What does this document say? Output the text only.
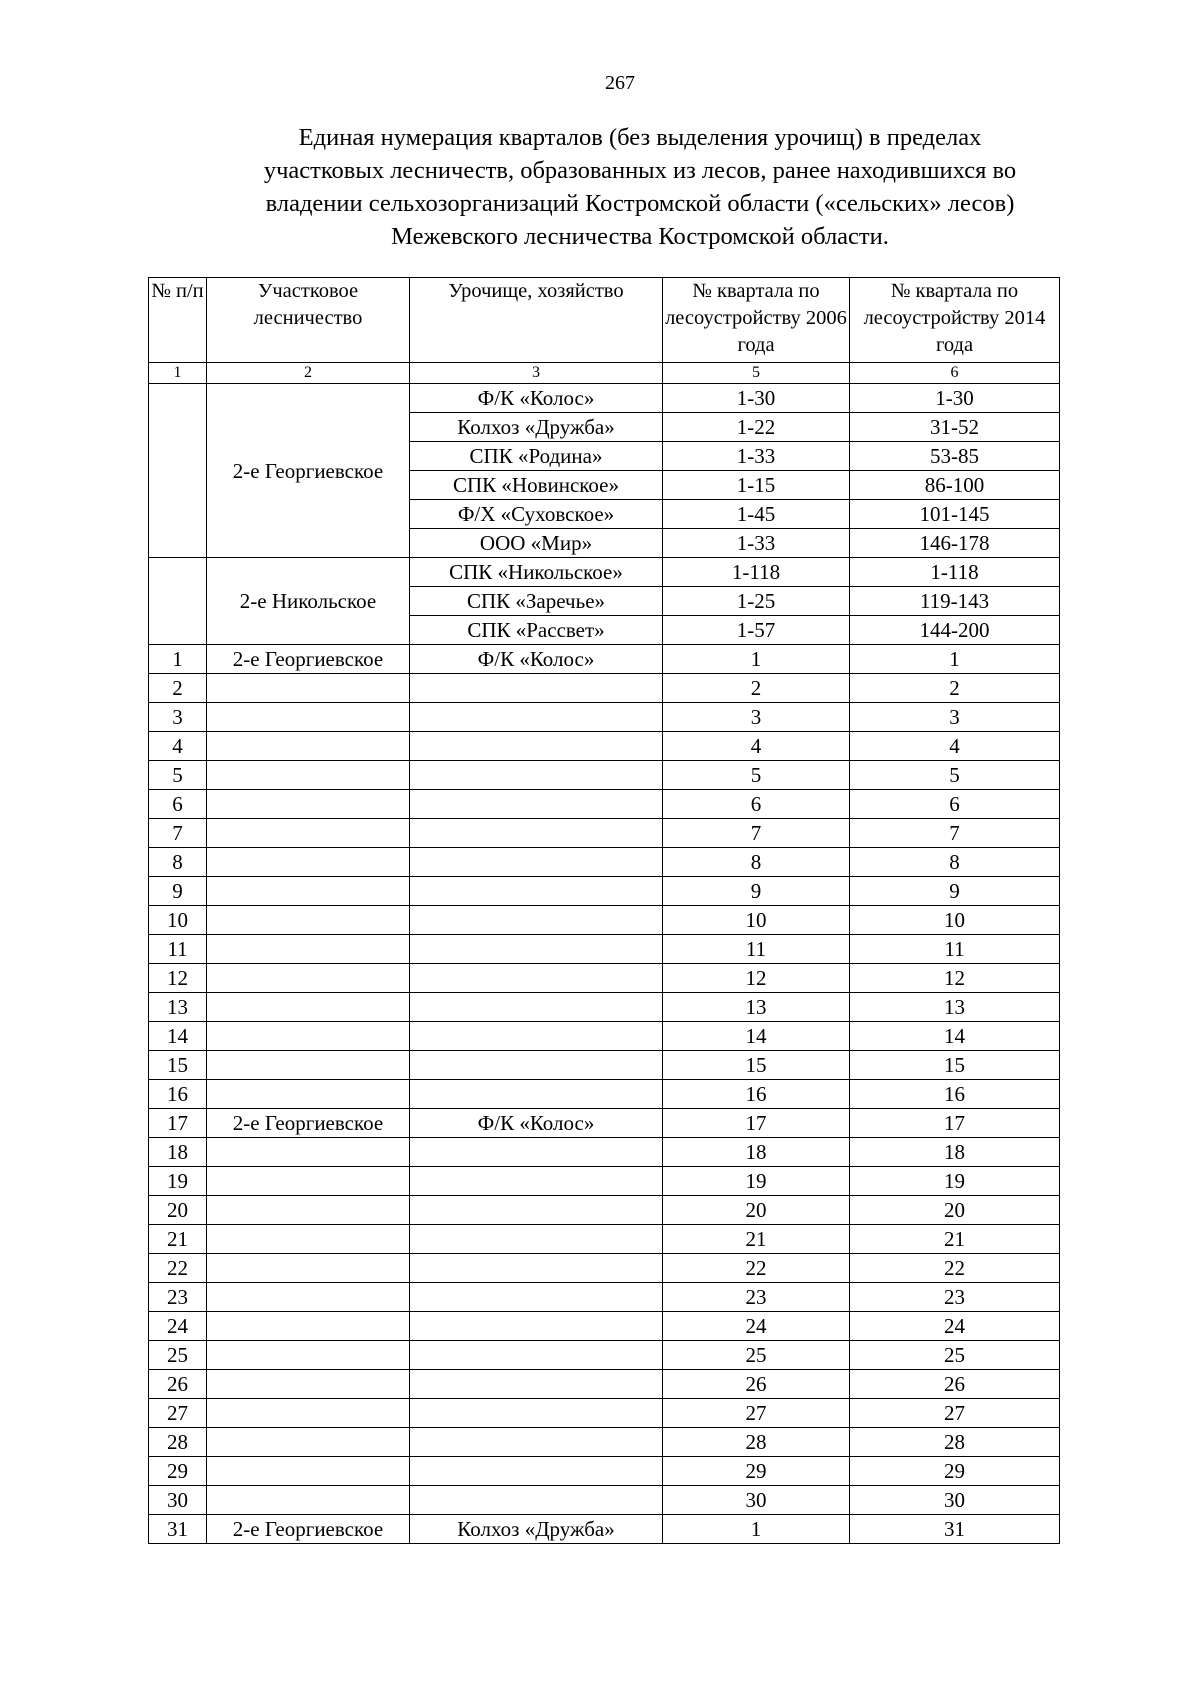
267
Единая нумерация кварталов (без выделения урочищ) в пределах
участковых лесничеств, образованных из лесов, ранее находившихся во
владении сельхозорганизаций Костромской области («сельских» лесов)
Межевского лесничества Костромской области.
№ п/п	Участковое лесничество	Урочище, хозяйство	№ квартала по лесоустройству 2006 года	№ квартала по лесоустройству 2014 года
1	2	3	5	6
	2-е Георгиевское	Ф/К «Колос»	1-30	1-30
		Колхоз «Дружба»	1-22	31-52
		СПК «Родина»	1-33	53-85
		СПК «Новинское»	1-15	86-100
		Ф/Х «Суховское»	1-45	101-145
		ООО «Мир»	1-33	146-178
	2-е Никольское	СПК «Никольское»	1-118	1-118
		СПК «Заречье»	1-25	119-143
		СПК «Рассвет»	1-57	144-200
1	2-е Георгиевское	Ф/К «Колос»	1	1
2			2	2
3			3	3
4			4	4
5			5	5
6			6	6
7			7	7
8			8	8
9			9	9
10			10	10
11			11	11
12			12	12
13			13	13
14			14	14
15			15	15
16			16	16
17	2-е Георгиевское	Ф/К «Колос»	17	17
18			18	18
19			19	19
20			20	20
21			21	21
22			22	22
23			23	23
24			24	24
25			25	25
26			26	26
27			27	27
28			28	28
29			29	29
30			30	30
31	2-е Георгиевское	Колхоз «Дружба»	1	31
